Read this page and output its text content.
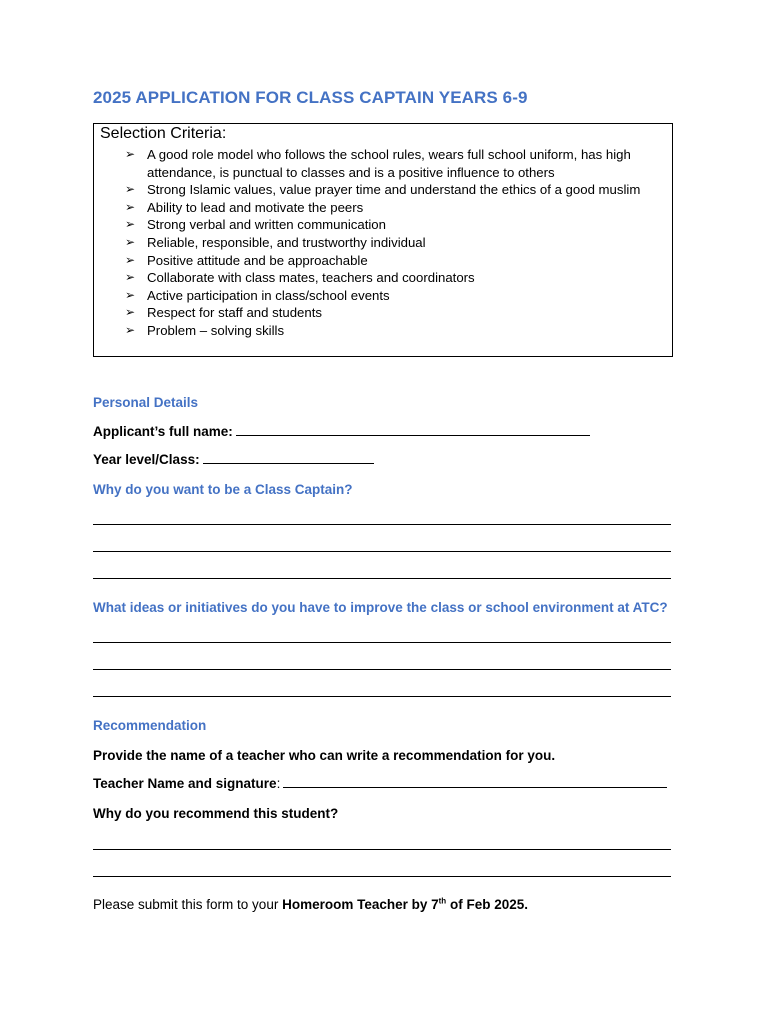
2025 APPLICATION FOR CLASS CAPTAIN YEARS 6-9
Selection Criteria:
➢ A good role model who follows the school rules, wears full school uniform, has high attendance, is punctual to classes and is a positive influence to others
➢ Strong Islamic values, value prayer time and understand the ethics of a good muslim
➢ Ability to lead and motivate the peers
➢ Strong verbal and written communication
➢ Reliable, responsible, and trustworthy individual
➢ Positive attitude and be approachable
➢ Collaborate with class mates, teachers and coordinators
➢ Active participation in class/school events
➢ Respect for staff and students
➢ Problem – solving skills
Personal Details
Applicant’s full name:
Year level/Class:
Why do you want to be a Class Captain?
What ideas or initiatives do you have to improve the class or school environment at ATC?
Recommendation
Provide the name of a teacher who can write a recommendation for you.
Teacher Name and signature:
Why do you recommend this student?
Please submit this form to your Homeroom Teacher by 7th of Feb 2025.
